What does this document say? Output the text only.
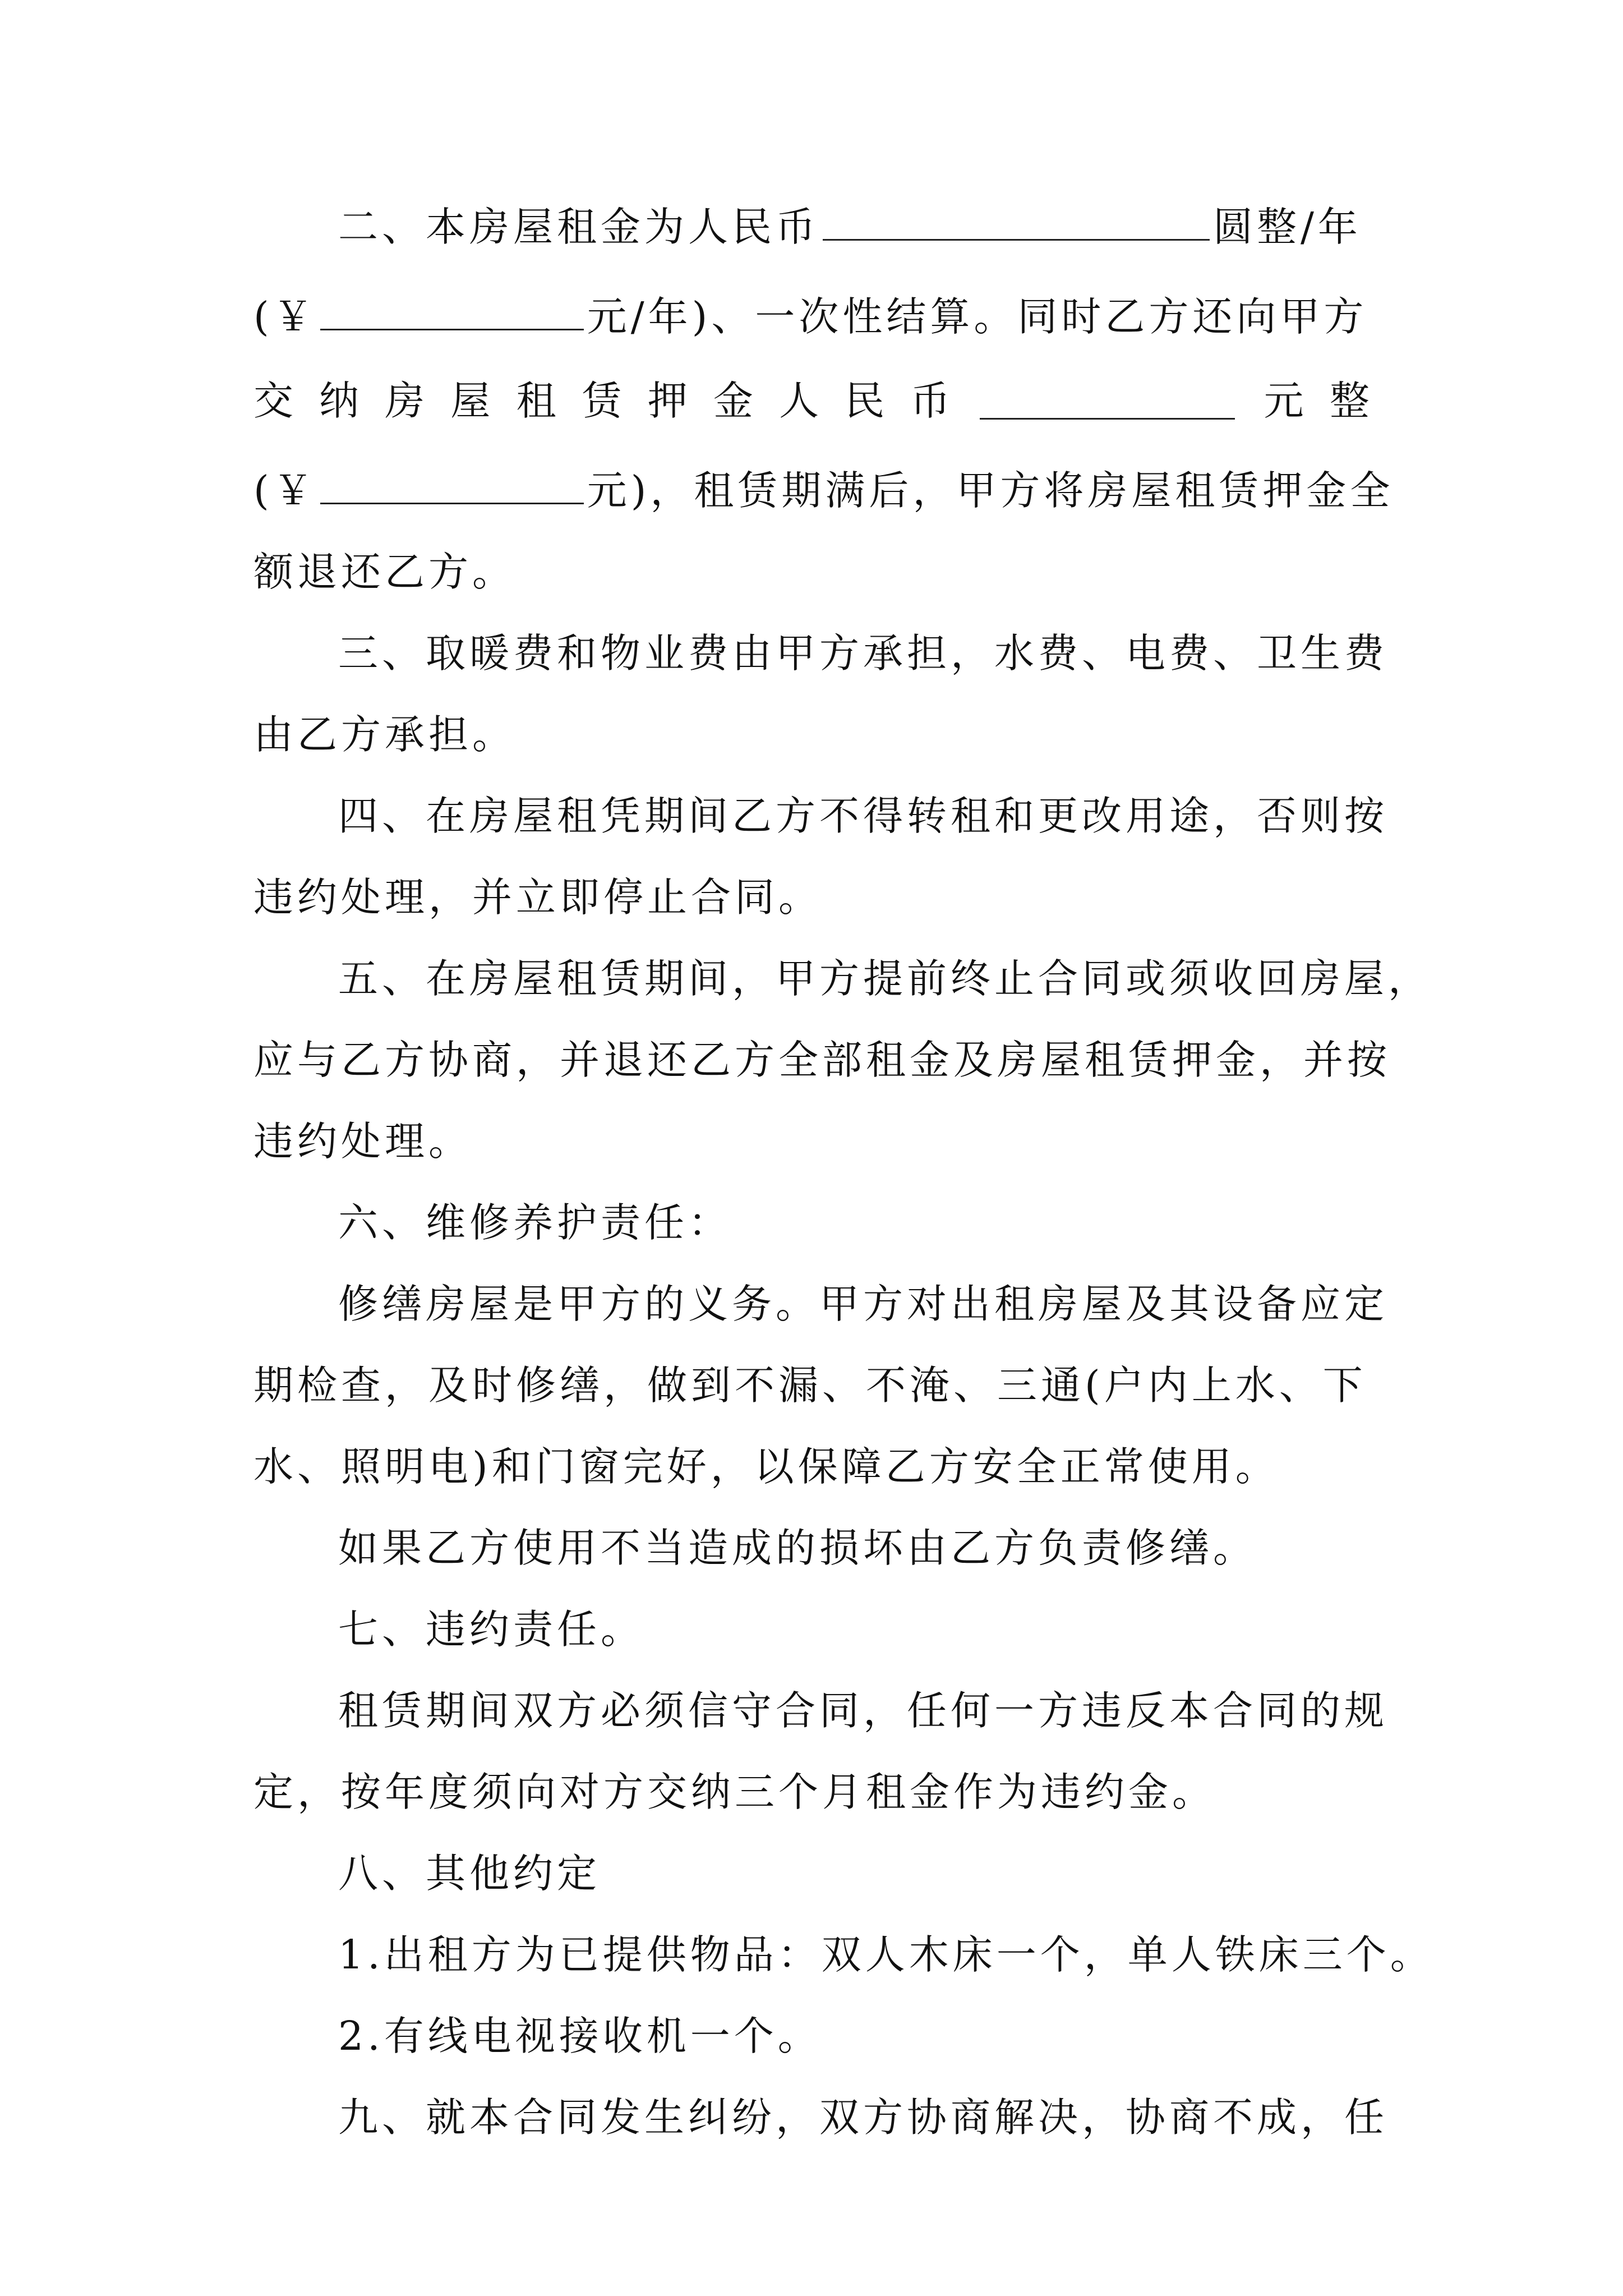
二、本房屋租金为人民币	圆整/年
(￥	元/年)、一次性结算。同时乙方还向甲方
交 纳 房 屋 租 赁 押 金 人 民 币	元 整
(￥	元)，租赁期满后，甲方将房屋租赁押金全
额退还乙方。
三、取暖费和物业费由甲方承担，水费、电费、卫生费
由乙方承担。
四、在房屋租凭期间乙方不得转租和更改用途，否则按
违约处理，并立即停止合同。
五、在房屋租赁期间，甲方提前终止合同或须收回房屋，
应与乙方协商，并退还乙方全部租金及房屋租赁押金，并按
违约处理。
六、维修养护责任：
修缮房屋是甲方的义务。甲方对出租房屋及其设备应定
期检查，及时修缮，做到不漏、不淹、三通(户内上水、下
水、照明电)和门窗完好，以保障乙方安全正常使用。
如果乙方使用不当造成的损坏由乙方负责修缮。
七、违约责任。
租赁期间双方必须信守合同，任何一方违反本合同的规
定，按年度须向对方交纳三个月租金作为违约金。
八、其他约定
1.出租方为已提供物品：双人木床一个，单人铁床三个。
2.有线电视接收机一个。
九、就本合同发生纠纷，双方协商解决，协商不成，任
